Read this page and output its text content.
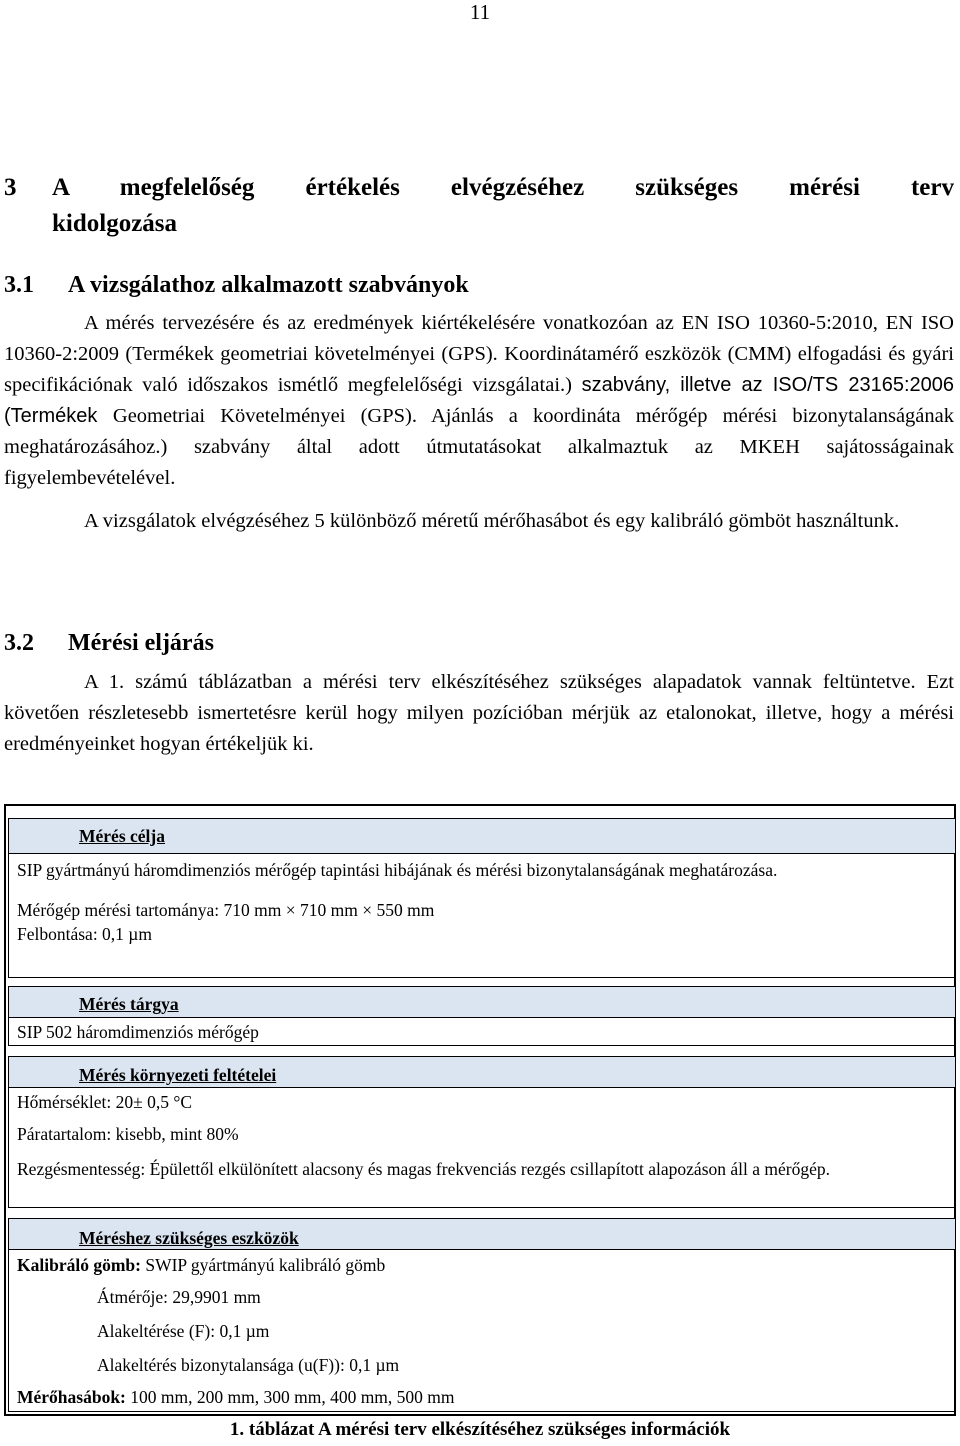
11
3 A megfelelőség értékelés elvégzéséhez szükséges mérési terv
kidolgozása
3.1 A vizsgálathoz alkalmazott szabványok

A mérés tervezésére és az eredmények kiértékelésére vonatkozóan az EN ISO 10360-5:2010, EN ISO 10360-2:2009 (Termékek geometriai követelményei (GPS). Koordinátamérő eszközök (CMM) elfogadási és gyári specifikációnak való időszakos ismétlő megfelelőségi vizsgálatai.) szabvány, illetve az ISO/TS 23165:2006 (Termékek Geometriai Követelményei (GPS). Ajánlás a koordináta mérőgép mérési bizonytalanságának meghatározásához.) szabvány által adott útmutatásokat alkalmaztuk az MKEH sajátosságainak figyelembevételével.

A vizsgálatok elvégzéséhez 5 különböző méretű mérőhasábot és egy kalibráló gömböt használtunk.

3.2 Mérési eljárás

A 1. számú táblázatban a mérési terv elkészítéséhez szükséges alapadatok vannak feltüntetve. Ezt követően részletesebb ismertetésre kerül hogy milyen pozícióban mérjük az etalonokat, illetve, hogy a mérési eredményeinket hogyan értékeljük ki.

Mérés célja
SIP gyártmányú háromdimenziós mérőgép tapintási hibájának és mérési bizonytalanságának meghatározása.
Mérőgép mérési tartománya: 710 mm × 710 mm × 550 mm
Felbontása: 0,1 µm
Mérés tárgya
SIP 502 háromdimenziós mérőgép
Mérés környezeti feltételei
Hőmérséklet: 20± 0,5 °C
Páratartalom: kisebb, mint 80%
Rezgésmentesség: Épülettől elkülönített alacsony és magas frekvenciás rezgés csillapított alapozáson áll a mérőgép.
Méréshez szükséges eszközök
Kalibráló gömb: SWIP gyártmányú kalibráló gömb
Átmérője: 29,9901 mm
Alakeltérése (F): 0,1 µm
Alakeltérés bizonytalansága (u(F)): 0,1 µm
Mérőhasábok: 100 mm, 200 mm, 300 mm, 400 mm, 500 mm
1. táblázat A mérési terv elkészítéséhez szükséges információk
